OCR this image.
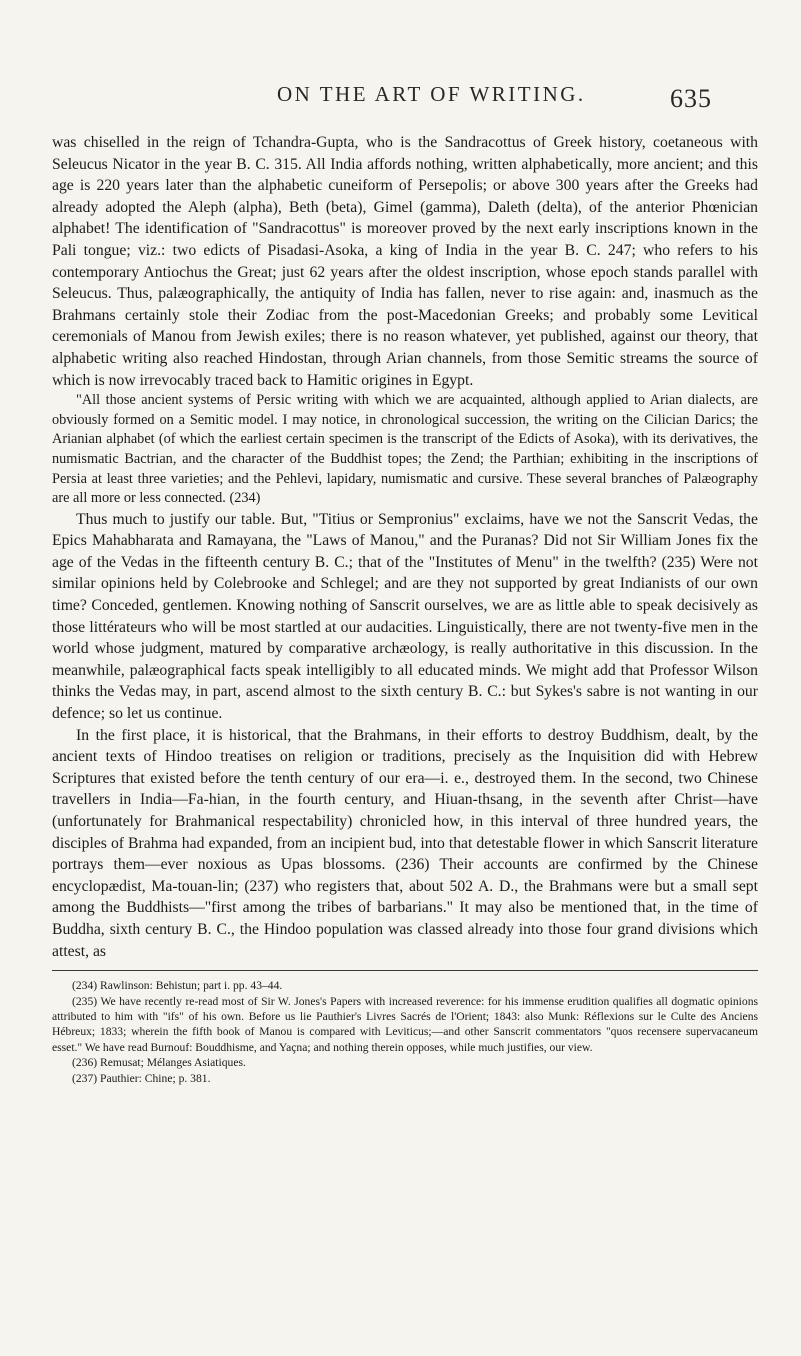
ON THE ART OF WRITING.	635

was chiselled in the reign of Tchandra-Gupta, who is the Sandracottus of Greek history, coetaneous with Seleucus Nicator in the year B. C. 315. All India affords nothing, written alphabetically, more ancient; and this age is 220 years later than the alphabetic cuneiform of Persepolis; or above 300 years after the Greeks had already adopted the Aleph (alpha), Beth (beta), Gimel (gamma), Daleth (delta), of the anterior Phœnician alphabet! The identification of "Sandracottus" is moreover proved by the next early inscriptions known in the Pali tongue; viz.: two edicts of Pisadasi-Asoka, a king of India in the year B. C. 247; who refers to his contemporary Antiochus the Great; just 62 years after the oldest inscription, whose epoch stands parallel with Seleucus. Thus, palæographically, the antiquity of India has fallen, never to rise again: and, inasmuch as the Brahmans certainly stole their Zodiac from the post-Macedonian Greeks; and probably some Levitical ceremonials of Manou from Jewish exiles; there is no reason whatever, yet published, against our theory, that alphabetic writing also reached Hindostan, through Arian channels, from those Semitic streams the source of which is now irrevocably traced back to Hamitic origines in Egypt.

"All those ancient systems of Persic writing with which we are acquainted, although applied to Arian dialects, are obviously formed on a Semitic model. I may notice, in chronological succession, the writing on the Cilician Darics; the Arianian alphabet (of which the earliest certain specimen is the transcript of the Edicts of Asoka), with its derivatives, the numismatic Bactrian, and the character of the Buddhist topes; the Zend; the Parthian; exhibiting in the inscriptions of Persia at least three varieties; and the Pehlevi, lapidary, numismatic and cursive. These several branches of Palæography are all more or less connected. (234)

Thus much to justify our table. But, "Titius or Sempronius" exclaims, have we not the Sanscrit Vedas, the Epics Mahabharata and Ramayana, the "Laws of Manou," and the Puranas? Did not Sir William Jones fix the age of the Vedas in the fifteenth century B. C.; that of the "Institutes of Menu" in the twelfth? (235) Were not similar opinions held by Colebrooke and Schlegel; and are they not supported by great Indianists of our own time? Conceded, gentlemen. Knowing nothing of Sanscrit ourselves, we are as little able to speak decisively as those littérateurs who will be most startled at our audacities. Linguistically, there are not twenty-five men in the world whose judgment, matured by comparative archæology, is really authoritative in this discussion. In the meanwhile, palæographical facts speak intelligibly to all educated minds. We might add that Professor Wilson thinks the Vedas may, in part, ascend almost to the sixth century B. C.: but Sykes's sabre is not wanting in our defence; so let us continue.

In the first place, it is historical, that the Brahmans, in their efforts to destroy Buddhism, dealt, by the ancient texts of Hindoo treatises on religion or traditions, precisely as the Inquisition did with Hebrew Scriptures that existed before the tenth century of our era—i. e., destroyed them. In the second, two Chinese travellers in India—Fa-hian, in the fourth century, and Hiuan-thsang, in the seventh after Christ—have (unfortunately for Brahmanical respectability) chronicled how, in this interval of three hundred years, the disciples of Brahma had expanded, from an incipient bud, into that detestable flower in which Sanscrit literature portrays them—ever noxious as Upas blossoms. (236) Their accounts are confirmed by the Chinese encyclopædist, Ma-touan-lin; (237) who registers that, about 502 A. D., the Brahmans were but a small sept among the Buddhists—"first among the tribes of barbarians." It may also be mentioned that, in the time of Buddha, sixth century B. C., the Hindoo population was classed already into those four grand divisions which attest, as

(234) Rawlinson: Behistun; part i. pp. 43–44.

(235) We have recently re-read most of Sir W. Jones's Papers with increased reverence: for his immense erudition qualifies all dogmatic opinions attributed to him with "ifs" of his own. Before us lie Pauthier's Livres Sacrés de l'Orient; 1843: also Munk: Réflexions sur le Culte des Anciens Hébreux; 1833; wherein the fifth book of Manou is compared with Leviticus;—and other Sanscrit commentators "quos recensere supervacaneum esset." We have read Burnouf: Bouddhisme, and Yaçna; and nothing therein opposes, while much justifies, our view.

(236) Remusat; Mélanges Asiatiques.

(237) Pauthier: Chine; p. 381.
